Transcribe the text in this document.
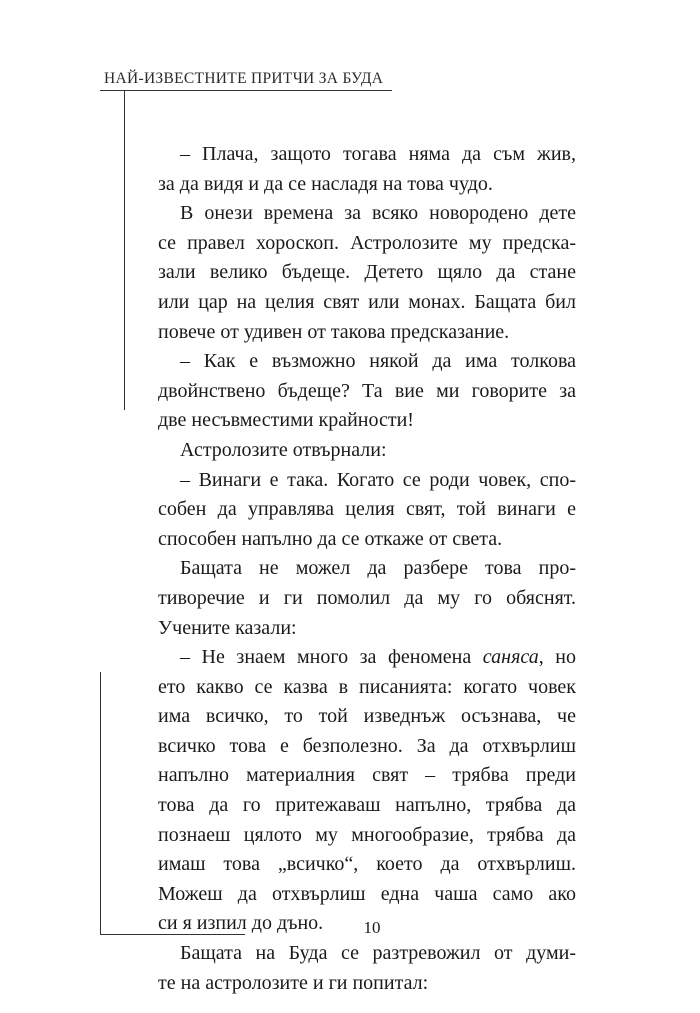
НАЙ-ИЗВЕСТНИТЕ ПРИТЧИ ЗА БУДА
– Плача, защото тогава няма да съм жив,
за да видя и да се насладя на това чудо.
В онези времена за всяко новородено дете
се правел хороскоп. Астролозите му предска-
зали велико бъдеще. Детето щяло да стане
или цар на целия свят или монах. Бащата бил
повече от удивен от такова предсказание.
– Как е възможно някой да има толкова
двойнствено бъдеще? Та вие ми говорите за
две несъвместими крайности!
Астролозите отвърнали:
– Винаги е така. Когато се роди човек, спо-
собен да управлява целия свят, той винаги е
способен напълно да се откаже от света.
Бащата не можел да разбере това про-
тиворечие и ги помолил да му го обяснят.
Учените казали:
– Не знаем много за феномена саняса, но
ето какво се казва в писанията: когато човек
има всичко, то той изведнъж осъзнава, че
всичко това е безполезно. За да отхвърлиш
напълно материалния свят – трябва преди
това да го притежаваш напълно, трябва да
познаеш цялото му многообразие, трябва да
имаш това „всичко“, което да отхвърлиш.
Можеш да отхвърлиш една чаша само ако
си я изпил до дъно.
Бащата на Буда се разтревожил от думи-
те на астролозите и ги попитал:
10
